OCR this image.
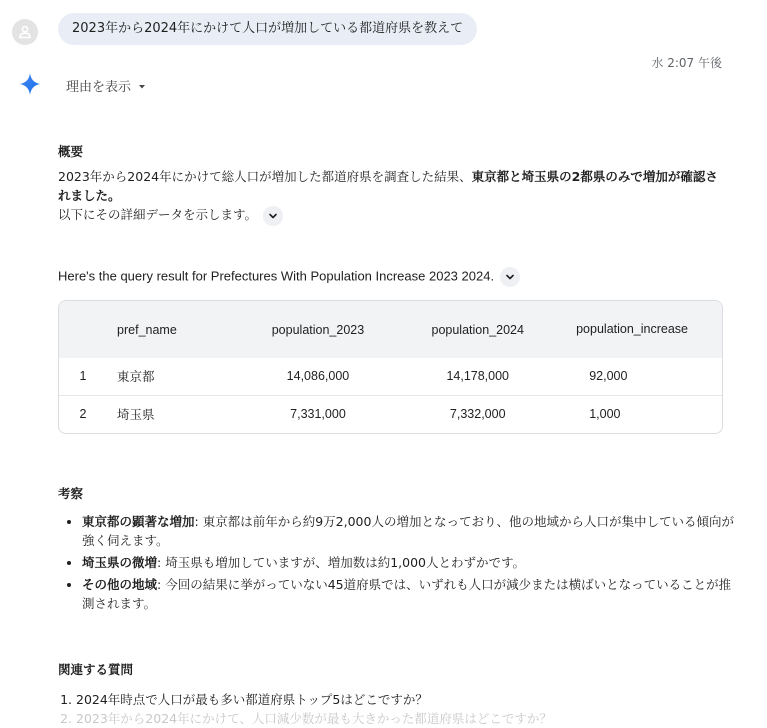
2023年から2024年にかけて人口が増加している都道府県を教えて
水 2:07 午後
理由を表示
概要

2023年から2024年にかけて総人口が増加した都道府県を調査した結果、東京都と埼玉県の2都県のみで増加が確認されました。

以下にその詳細データを示します。

Here's the query result for Prefectures With Population Increase 2023 2024.
	pref_name	population_2023	population_2024	population_increase
1	東京都	14,086,000	14,178,000	92,000
2	埼玉県	7,331,000	7,332,000	1,000
考察
• 東京都の顕著な増加: 東京都は前年から約9万2,000人の増加となっており、他の地域から人口が集中している傾向が強く伺えます。
• 埼玉県の微増: 埼玉県も増加していますが、増加数は約1,000人とわずかです。
• その他の地域: 今回の結果に挙がっていない45道府県では、いずれも人口が減少または横ばいとなっていることが推測されます。
関連する質問
1. 2024年時点で人口が最も多い都道府県トップ5はどこですか？
2. 2023年から2024年にかけて、人口減少数が最も大きかった都道府県はどこですか？
